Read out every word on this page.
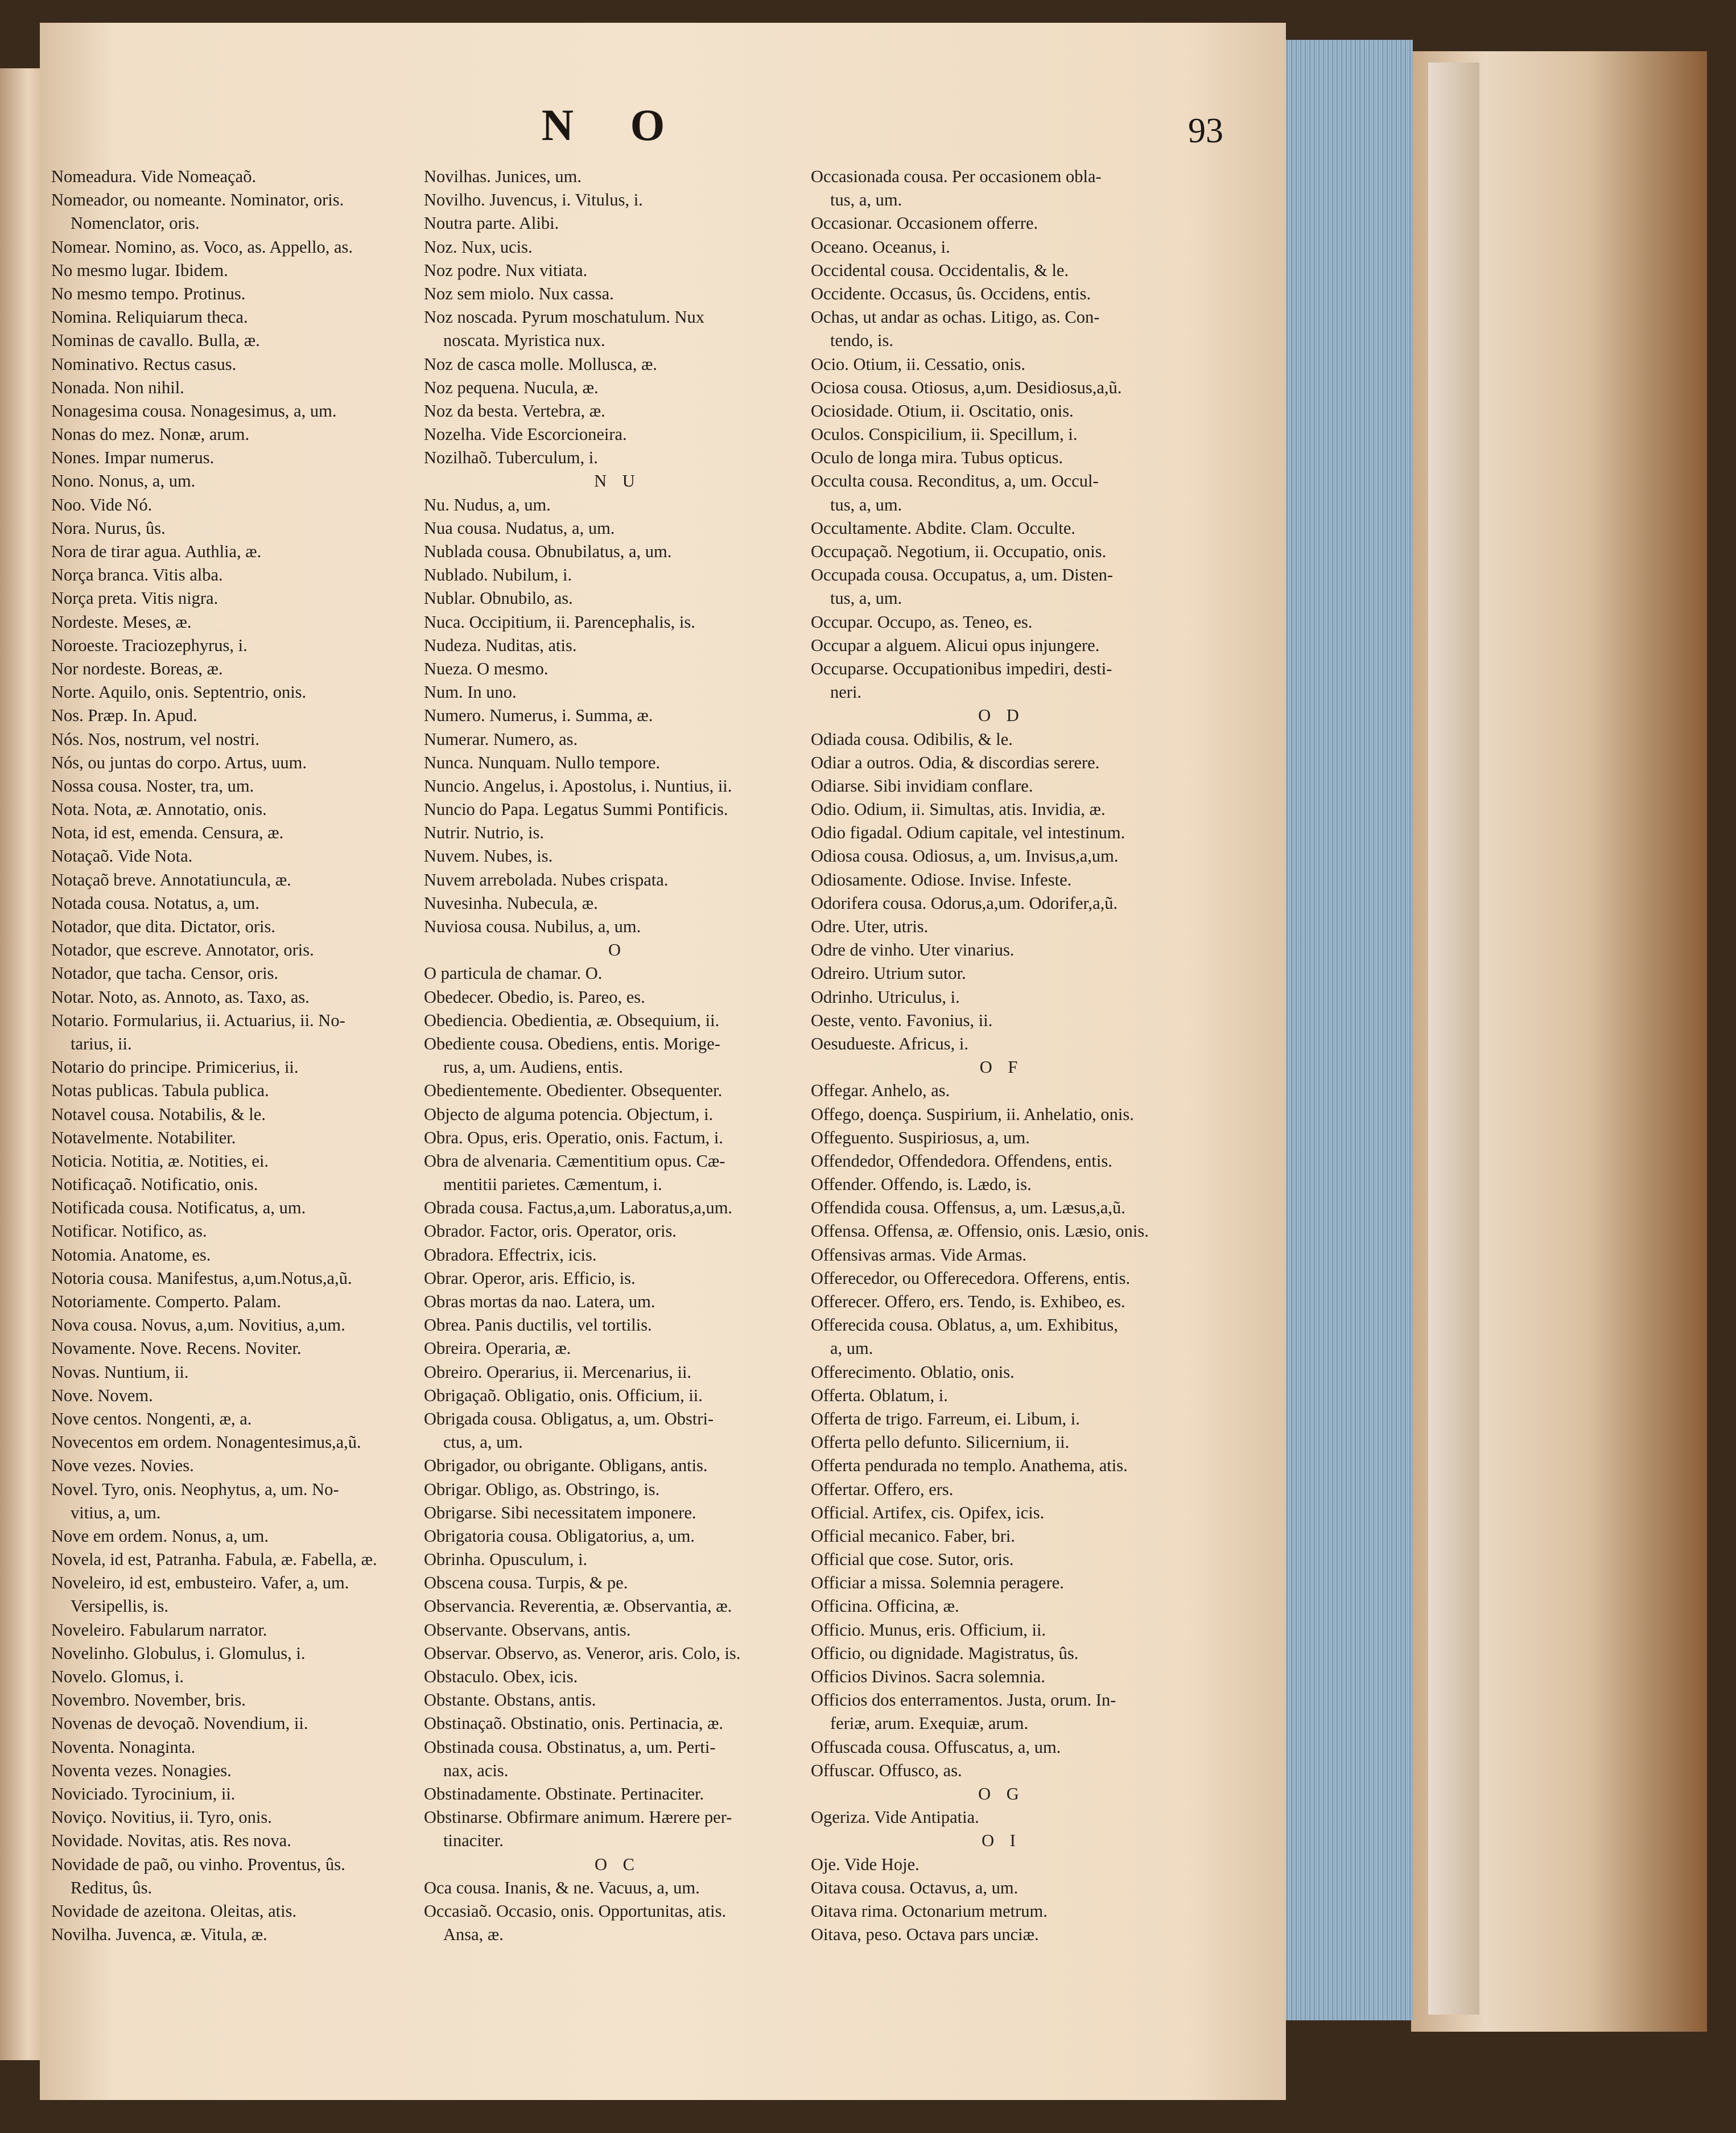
N O	93
Nomeadura. Vide Nomeaçaõ.
Nomeador, ou nomeante. Nominator, oris.
Nomenclator, oris.
Nomear. Nomino, as. Voco, as. Appello, as.
No mesmo lugar. Ibidem.
No mesmo tempo. Protinus.
Nomina. Reliquiarum theca.
Nominas de cavallo. Bulla, æ.
Nominativo. Rectus casus.
Nonada. Non nihil.
Nonagesima cousa. Nonagesimus, a, um.
Nonas do mez. Nonæ, arum.
Nones. Impar numerus.
Nono. Nonus, a, um.
Noo. Vide Nó.
Nora. Nurus, ûs.
Nora de tirar agua. Authlia, æ.
Norça branca. Vitis alba.
Norça preta. Vitis nigra.
Nordeste. Meses, æ.
Noroeste. Traciozephyrus, i.
Nor nordeste. Boreas, æ.
Norte. Aquilo, onis. Septentrio, onis.
Nos. Præp. In. Apud.
Nós. Nos, nostrum, vel nostri.
Nós, ou juntas do corpo. Artus, uum.
Nossa cousa. Noster, tra, um.
Nota. Nota, æ. Annotatio, onis.
Nota, id est, emenda. Censura, æ.
Notaçaõ. Vide Nota.
Notaçaõ breve. Annotatiuncula, æ.
Notada cousa. Notatus, a, um.
Notador, que dita. Dictator, oris.
Notador, que escreve. Annotator, oris.
Notador, que tacha. Censor, oris.
Notar. Noto, as. Annoto, as. Taxo, as.
Notario. Formularius, ii. Actuarius, ii. No-
tarius, ii.
Notario do principe. Primicerius, ii.
Notas publicas. Tabula publica.
Notavel cousa. Notabilis, & le.
Notavelmente. Notabiliter.
Noticia. Notitia, æ. Notities, ei.
Notificaçaõ. Notificatio, onis.
Notificada cousa. Notificatus, a, um.
Notificar. Notifico, as.
Notomia. Anatome, es.
Notoria cousa. Manifestus, a,um.Notus,a,ũ.
Notoriamente. Comperto. Palam.
Nova cousa. Novus, a,um. Novitius, a,um.
Novamente. Nove. Recens. Noviter.
Novas. Nuntium, ii.
Nove. Novem.
Nove centos. Nongenti, æ, a.
Novecentos em ordem. Nonagentesimus,a,ũ.
Nove vezes. Novies.
Novel. Tyro, onis. Neophytus, a, um. No-
vitius, a, um.
Nove em ordem. Nonus, a, um.
Novela, id est, Patranha. Fabula, æ. Fabella, æ.
Noveleiro, id est, embusteiro. Vafer, a, um.
Versipellis, is.
Noveleiro. Fabularum narrator.
Novelinho. Globulus, i. Glomulus, i.
Novelo. Glomus, i.
Novembro. November, bris.
Novenas de devoçaõ. Novendium, ii.
Noventa. Nonaginta.
Noventa vezes. Nonagies.
Noviciado. Tyrocinium, ii.
Noviço. Novitius, ii. Tyro, onis.
Novidade. Novitas, atis. Res nova.
Novidade de paõ, ou vinho. Proventus, ûs.
Reditus, ûs.
Novidade de azeitona. Oleitas, atis.
Novilha. Juvenca, æ. Vitula, æ.
Novilhas. Junices, um.
Novilho. Juvencus, i. Vitulus, i.
Noutra parte. Alibi.
Noz. Nux, ucis.
Noz podre. Nux vitiata.
Noz sem miolo. Nux cassa.
Noz noscada. Pyrum moschatulum. Nux
noscata. Myristica nux.
Noz de casca molle. Mollusca, æ.
Noz pequena. Nucula, æ.
Noz da besta. Vertebra, æ.
Nozelha. Vide Escorcioneira.
Nozilhaõ. Tuberculum, i.
N U
Nu. Nudus, a, um.
Nua cousa. Nudatus, a, um.
Nublada cousa. Obnubilatus, a, um.
Nublado. Nubilum, i.
Nublar. Obnubilo, as.
Nuca. Occipitium, ii. Parencephalis, is.
Nudeza. Nuditas, atis.
Nueza. O mesmo.
Num. In uno.
Numero. Numerus, i. Summa, æ.
Numerar. Numero, as.
Nunca. Nunquam. Nullo tempore.
Nuncio. Angelus, i. Apostolus, i. Nuntius, ii.
Nuncio do Papa. Legatus Summi Pontificis.
Nutrir. Nutrio, is.
Nuvem. Nubes, is.
Nuvem arrebolada. Nubes crispata.
Nuvesinha. Nubecula, æ.
Nuviosa cousa. Nubilus, a, um.
O
O particula de chamar. O.
Obedecer. Obedio, is. Pareo, es.
Obediencia. Obedientia, æ. Obsequium, ii.
Obediente cousa. Obediens, entis. Morige-
rus, a, um. Audiens, entis.
Obedientemente. Obedienter. Obsequenter.
Objecto de alguma potencia. Objectum, i.
Obra. Opus, eris. Operatio, onis. Factum, i.
Obra de alvenaria. Cæmentitium opus. Cæ-
mentitii parietes. Cæmentum, i.
Obrada cousa. Factus,a,um. Laboratus,a,um.
Obrador. Factor, oris. Operator, oris.
Obradora. Effectrix, icis.
Obrar. Operor, aris. Efficio, is.
Obras mortas da nao. Latera, um.
Obrea. Panis ductilis, vel tortilis.
Obreira. Operaria, æ.
Obreiro. Operarius, ii. Mercenarius, ii.
Obrigaçaõ. Obligatio, onis. Officium, ii.
Obrigada cousa. Obligatus, a, um. Obstri-
ctus, a, um.
Obrigador, ou obrigante. Obligans, antis.
Obrigar. Obligo, as. Obstringo, is.
Obrigarse. Sibi necessitatem imponere.
Obrigatoria cousa. Obligatorius, a, um.
Obrinha. Opusculum, i.
Obscena cousa. Turpis, & pe.
Observancia. Reverentia, æ. Observantia, æ.
Observante. Observans, antis.
Observar. Observo, as. Veneror, aris. Colo, is.
Obstaculo. Obex, icis.
Obstante. Obstans, antis.
Obstinaçaõ. Obstinatio, onis. Pertinacia, æ.
Obstinada cousa. Obstinatus, a, um. Perti-
nax, acis.
Obstinadamente. Obstinate. Pertinaciter.
Obstinarse. Obfirmare animum. Hærere per-
tinaciter.
O C
Oca cousa. Inanis, & ne. Vacuus, a, um.
Occasiaõ. Occasio, onis. Opportunitas, atis.
Ansa, æ.
Occasionada cousa. Per occasionem obla-
tus, a, um.
Occasionar. Occasionem offerre.
Oceano. Oceanus, i.
Occidental cousa. Occidentalis, & le.
Occidente. Occasus, ûs. Occidens, entis.
Ochas, ut andar as ochas. Litigo, as. Con-
tendo, is.
Ocio. Otium, ii. Cessatio, onis.
Ociosa cousa. Otiosus, a,um. Desidiosus,a,ũ.
Ociosidade. Otium, ii. Oscitatio, onis.
Oculos. Conspicilium, ii. Specillum, i.
Oculo de longa mira. Tubus opticus.
Occulta cousa. Reconditus, a, um. Occul-
tus, a, um.
Occultamente. Abdite. Clam. Occulte.
Occupaçaõ. Negotium, ii. Occupatio, onis.
Occupada cousa. Occupatus, a, um. Disten-
tus, a, um.
Occupar. Occupo, as. Teneo, es.
Occupar a alguem. Alicui opus injungere.
Occuparse. Occupationibus impediri, desti-
neri.
O D
Odiada cousa. Odibilis, & le.
Odiar a outros. Odia, & discordias serere.
Odiarse. Sibi invidiam conflare.
Odio. Odium, ii. Simultas, atis. Invidia, æ.
Odio figadal. Odium capitale, vel intestinum.
Odiosa cousa. Odiosus, a, um. Invisus,a,um.
Odiosamente. Odiose. Invise. Infeste.
Odorifera cousa. Odorus,a,um. Odorifer,a,ũ.
Odre. Uter, utris.
Odre de vinho. Uter vinarius.
Odreiro. Utrium sutor.
Odrinho. Utriculus, i.
Oeste, vento. Favonius, ii.
Oesudueste. Africus, i.
O F
Offegar. Anhelo, as.
Offego, doença. Suspirium, ii. Anhelatio, onis.
Offeguento. Suspiriosus, a, um.
Offendedor, Offendedora. Offendens, entis.
Offender. Offendo, is. Lædo, is.
Offendida cousa. Offensus, a, um. Læsus,a,ũ.
Offensa. Offensa, æ. Offensio, onis. Læsio, onis.
Offensivas armas. Vide Armas.
Offerecedor, ou Offerecedora. Offerens, entis.
Offerecer. Offero, ers. Tendo, is. Exhibeo, es.
Offerecida cousa. Oblatus, a, um. Exhibitus,
a, um.
Offerecimento. Oblatio, onis.
Offerta. Oblatum, i.
Offerta de trigo. Farreum, ei. Libum, i.
Offerta pello defunto. Silicernium, ii.
Offerta pendurada no templo. Anathema, atis.
Offertar. Offero, ers.
Official. Artifex, cis. Opifex, icis.
Official mecanico. Faber, bri.
Official que cose. Sutor, oris.
Officiar a missa. Solemnia peragere.
Officina. Officina, æ.
Officio. Munus, eris. Officium, ii.
Officio, ou dignidade. Magistratus, ûs.
Officios Divinos. Sacra solemnia.
Officios dos enterramentos. Justa, orum. In-
feriæ, arum. Exequiæ, arum.
Offuscada cousa. Offuscatus, a, um.
Offuscar. Offusco, as.
O G
Ogeriza. Vide Antipatia.
O I
Oje. Vide Hoje.
Oitava cousa. Octavus, a, um.
Oitava rima. Octonarium metrum.
Oitava, peso. Octava pars unciæ.
